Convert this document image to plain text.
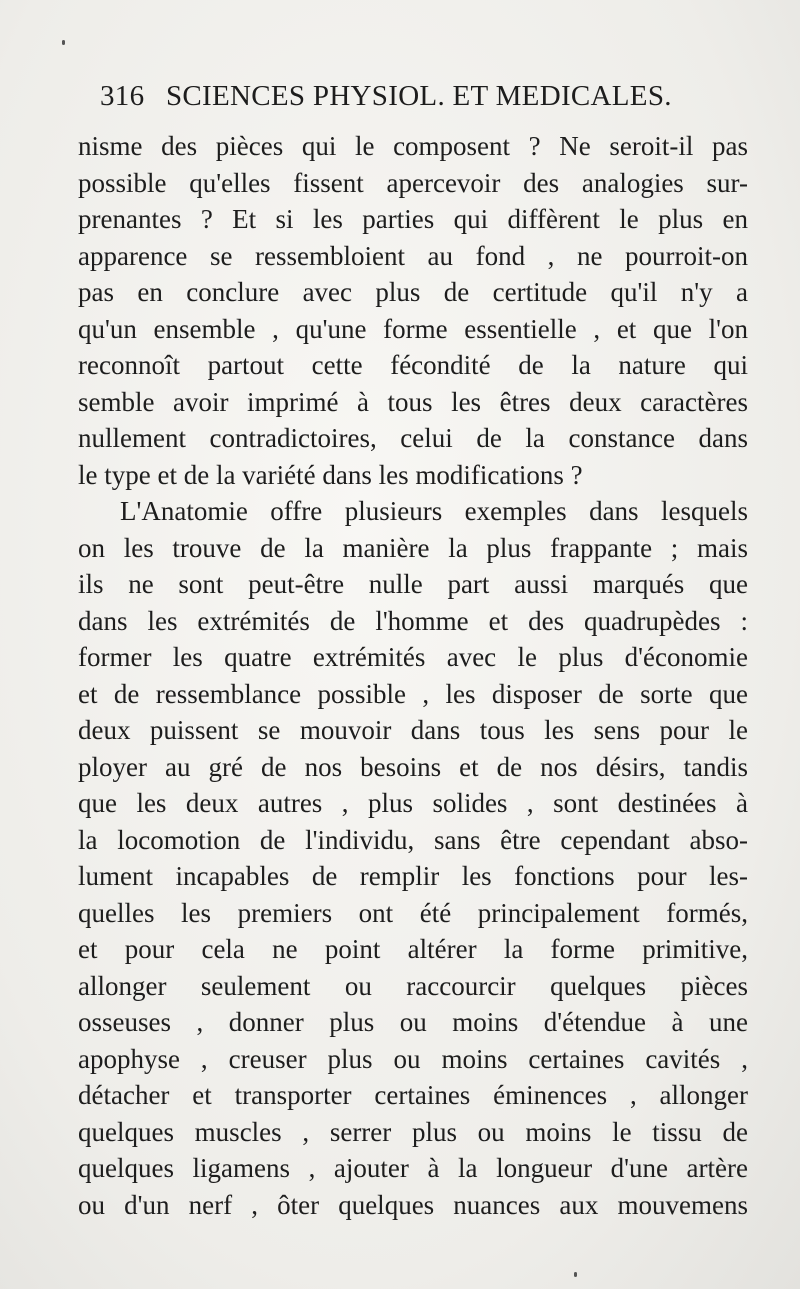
316 SCIENCES PHYSIOL. ET MEDICALES.
nisme des pièces qui le composent ? Ne seroit-il pas
possible qu'elles fissent apercevoir des analogies sur-
prenantes ? Et si les parties qui diffèrent le plus en
apparence se ressembloient au fond , ne pourroit-on
pas en conclure avec plus de certitude qu'il n'y a
qu'un ensemble , qu'une forme essentielle , et que l'on
reconnoît partout cette fécondité de la nature qui
semble avoir imprimé à tous les êtres deux caractères
nullement contradictoires, celui de la constance dans
le type et de la variété dans les modifications ?
L'Anatomie offre plusieurs exemples dans lesquels
on les trouve de la manière la plus frappante ; mais
ils ne sont peut-être nulle part aussi marqués que
dans les extrémités de l'homme et des quadrupèdes :
former les quatre extrémités avec le plus d'économie
et de ressemblance possible , les disposer de sorte que
deux puissent se mouvoir dans tous les sens pour le
ployer au gré de nos besoins et de nos désirs, tandis
que les deux autres , plus solides , sont destinées à
la locomotion de l'individu, sans être cependant abso-
lument incapables de remplir les fonctions pour les-
quelles les premiers ont été principalement formés,
et pour cela ne point altérer la forme primitive,
allonger seulement ou raccourcir quelques pièces
osseuses , donner plus ou moins d'étendue à une
apophyse , creuser plus ou moins certaines cavités ,
détacher et transporter certaines éminences , allonger
quelques muscles , serrer plus ou moins le tissu de
quelques ligamens , ajouter à la longueur d'une artère
ou d'un nerf , ôter quelques nuances aux mouvemens
